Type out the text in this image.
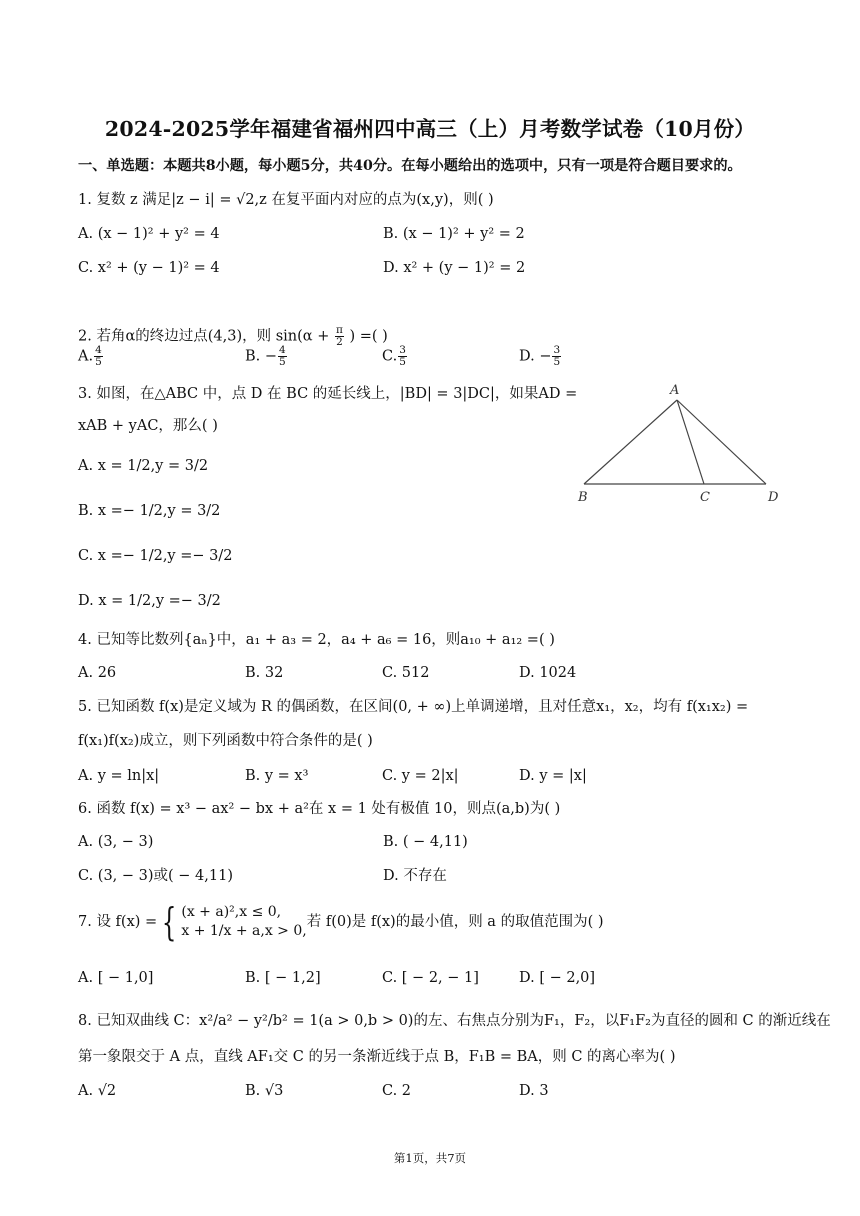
2024-2025学年福建省福州四中高三（上）月考数学试卷（10月份）
一、单选题：本题共8小题，每小题5分，共40分。在每小题给出的选项中，只有一项是符合题目要求的。
1. 复数 z 满足|z − i| = √2,z 在复平面内对应的点为(x,y)，则( )
A. (x − 1)² + y² = 4	B. (x − 1)² + y² = 2
C. x² + (y − 1)² = 4	D. x² + (y − 1)² = 2
2. 若角α的终边过点(4,3)，则 $\sin(\alpha + \frac{\pi}{2}$ ) =( )
A. $\frac{4}{5}$	B. − $\frac{4}{5}$	C. $\frac{3}{5}$	D. − $\frac{3}{5}$
3. 如图，在△ABC 中，点 D 在 BC 的延长线上，|BD| = 3|DC|，如果AD =
xAB + yAC，那么( )
A. x = 1/2,y = 3/2
B. x =− 1/2,y = 3/2
C. x =− 1/2,y =− 3/2
D. x = 1/2,y =− 3/2
A
B	C	D
4. 已知等比数列{aₙ}中，a₁ + a₃ = 2，a₄ + a₆ = 16，则a₁₀ + a₁₂ =( )
A. 26	B. 32	C. 512	D. 1024
5. 已知函数 f(x)是定义域为 R 的偶函数，在区间(0, + ∞)上单调递增，且对任意x₁，x₂，均有 f(x₁x₂) =
f(x₁)f(x₂)成立，则下列函数中符合条件的是( )
A. y = ln|x|	B. y = x³	C. y = 2|x|	D. y = |x|
6. 函数 f(x) = x³ − ax² − bx + a²在 x = 1 处有极值 10，则点(a,b)为( )
A. (3, − 3)	B. ( − 4,11)
C. (3, − 3)或( − 4,11)	D. 不存在
7. 设 f(x) = { (x + a)²,x ≤ 0,
x + 1/x + a,x > 0,
若 f(0)是 f(x)的最小值，则 a 的取值范围为( )
A. [ − 1,0]	B. [ − 1,2]	C. [ − 2, − 1]	D. [ − 2,0]
8. 已知双曲线 C：x²/a² − y²/b² = 1(a > 0,b > 0)的左、右焦点分别为F₁，F₂，以F₁F₂为直径的圆和 C 的渐近线在
第一象限交于 A 点，直线 AF₁交 C 的另一条渐近线于点 B，F₁B = BA，则 C 的离心率为( )
A. √2	B. √3	C. 2	D. 3
第1页，共7页
